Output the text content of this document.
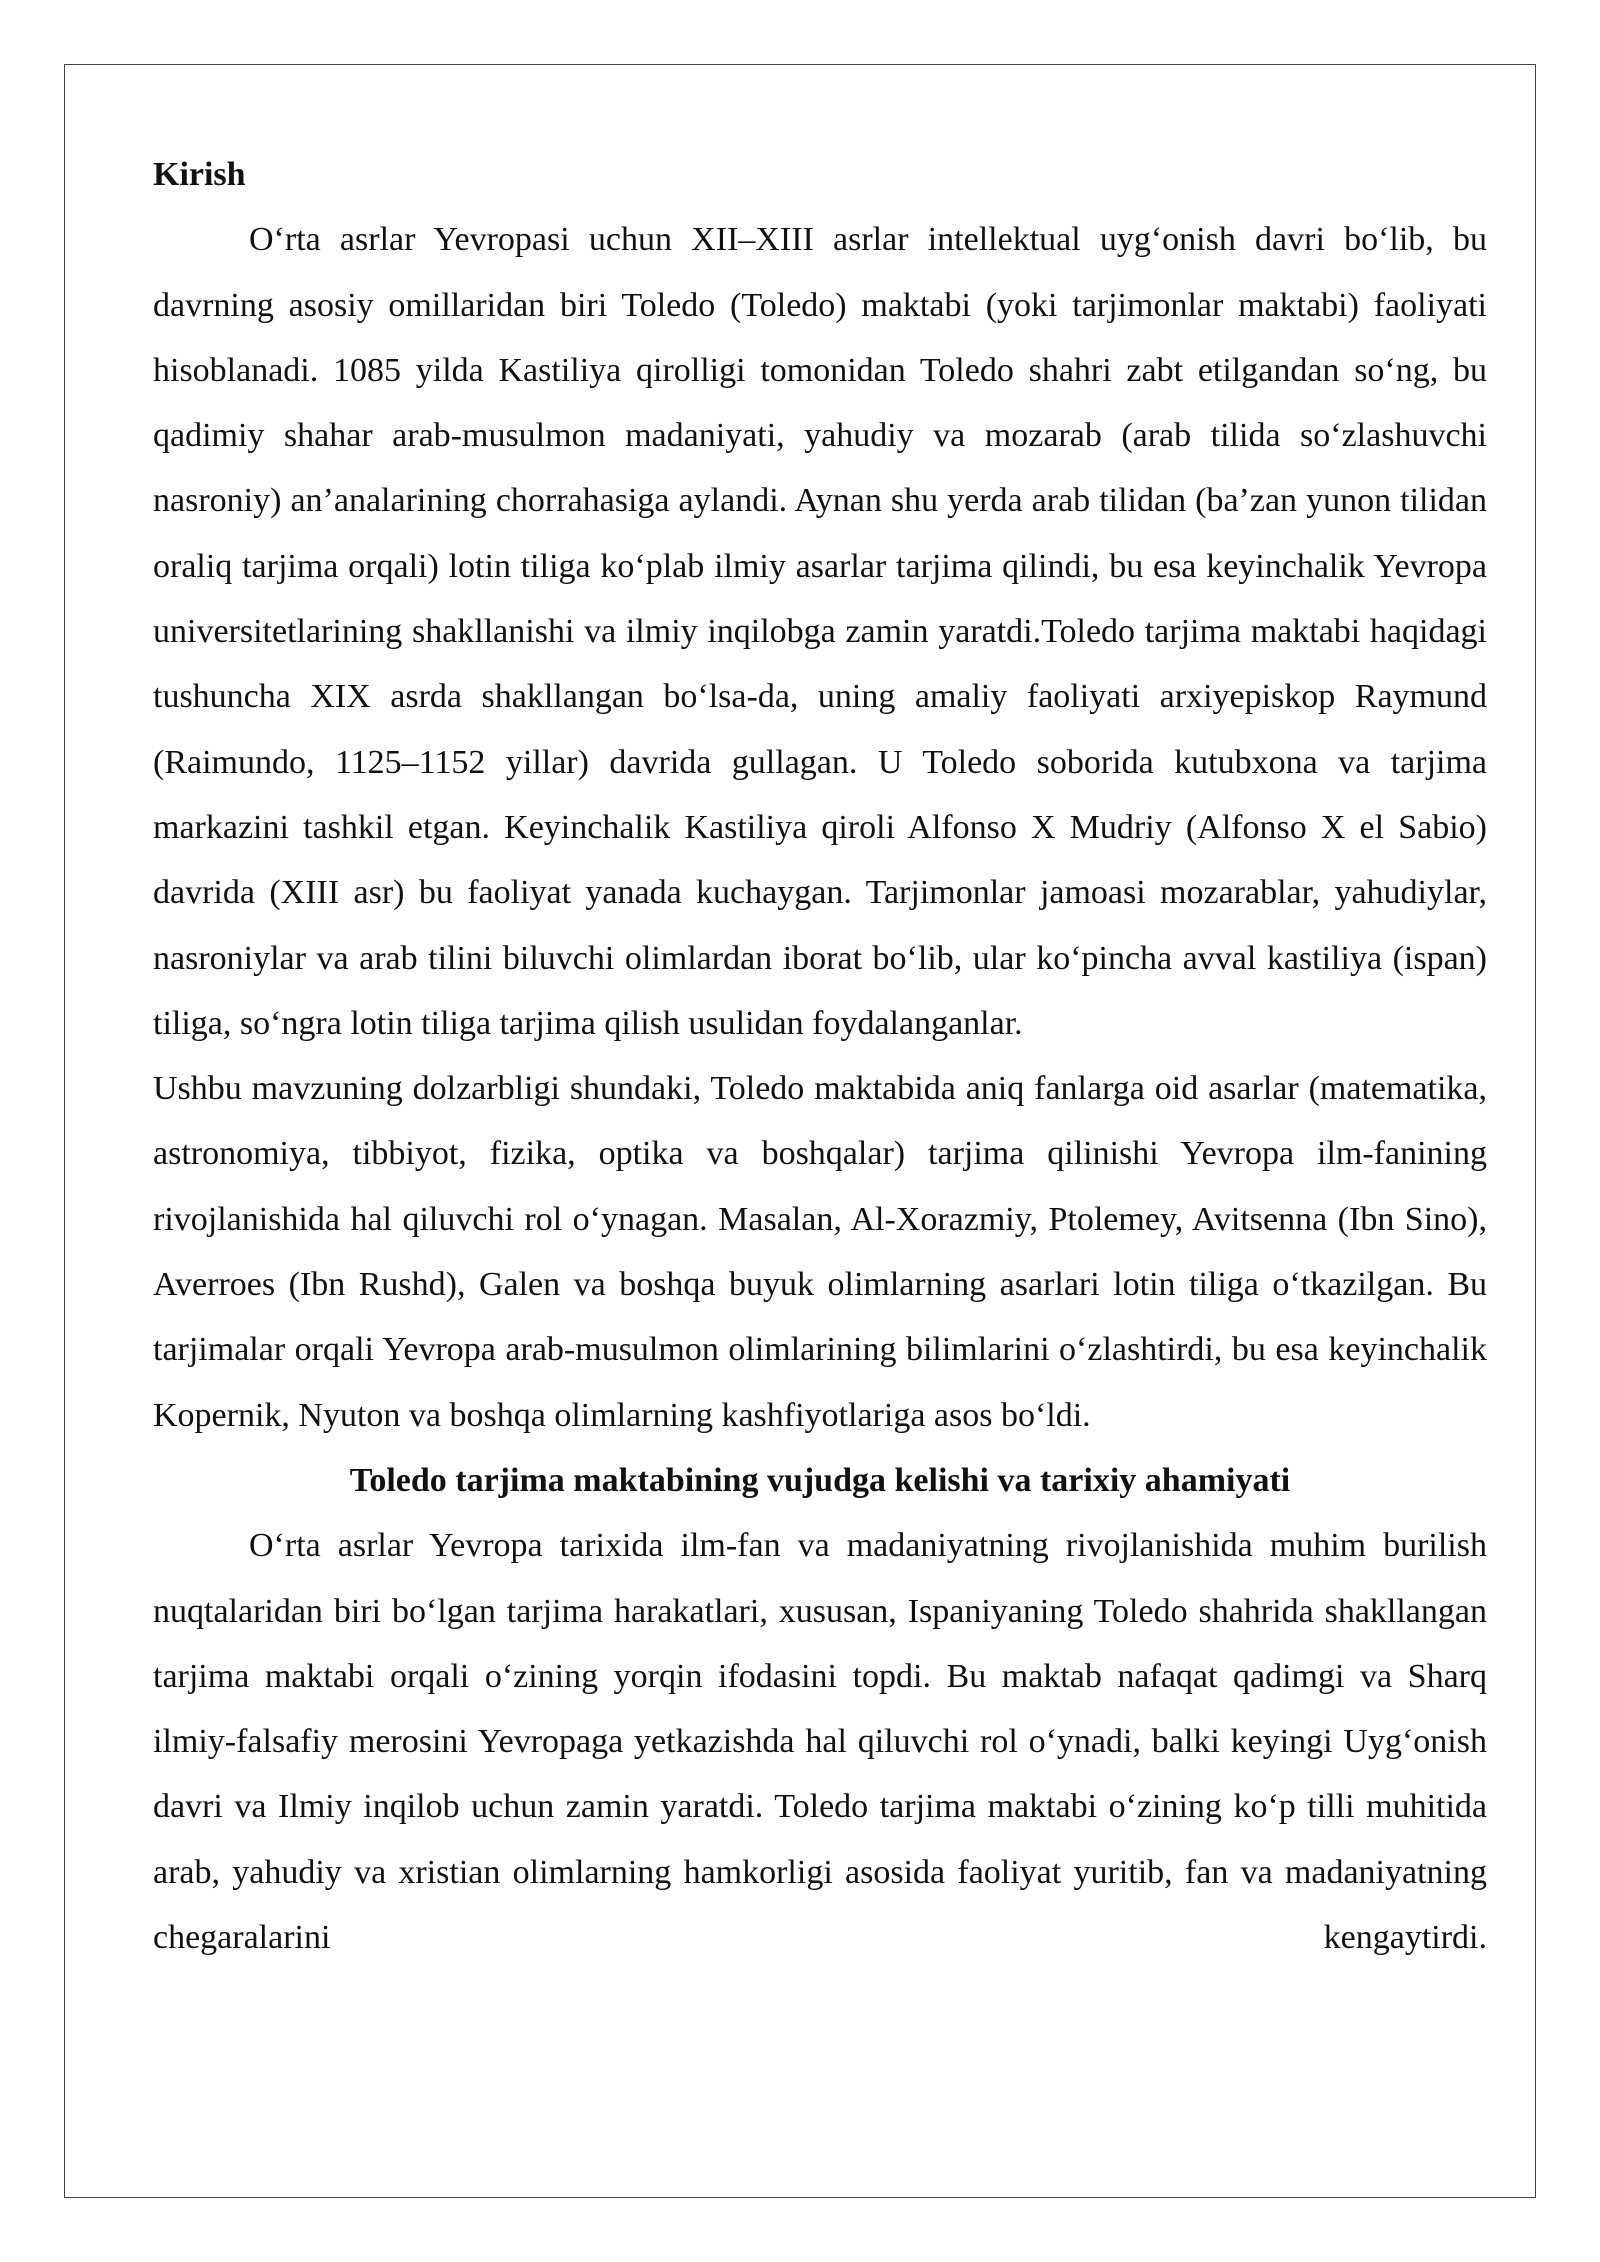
Kirish

O‘rta asrlar Yevropasi uchun XII–XIII asrlar intellektual uyg‘onish davri bo‘lib, bu davrning asosiy omillaridan biri Toledo (Toledo) maktabi (yoki tarjimonlar maktabi) faoliyati hisoblanadi. 1085 yilda Kastiliya qirolligi tomonidan Toledo shahri zabt etilgandan so‘ng, bu qadimiy shahar arab-musulmon madaniyati, yahudiy va mozarab (arab tilida so‘zlashuvchi nasroniy) an’analarining chorrahasiga aylandi. Aynan shu yerda arab tilidan (ba’zan yunon tilidan oraliq tarjima orqali) lotin tiliga ko‘plab ilmiy asarlar tarjima qilindi, bu esa keyinchalik Yevropa universitetlarining shakllanishi va ilmiy inqilobga zamin yaratdi.Toledo tarjima maktabi haqidagi tushuncha XIX asrda shakllangan bo‘lsa-da, uning amaliy faoliyati arxiyepiskop Raymund (Raimundo, 1125–1152 yillar) davrida gullagan. U Toledo soborida kutubxona va tarjima markazini tashkil etgan. Keyinchalik Kastiliya qiroli Alfonso X Mudriy (Alfonso X el Sabio) davrida (XIII asr) bu faoliyat yanada kuchaygan. Tarjimonlar jamoasi mozarablar, yahudiylar, nasroniylar va arab tilini biluvchi olimlardan iborat bo‘lib, ular ko‘pincha avval kastiliya (ispan) tiliga, so‘ngra lotin tiliga tarjima qilish usulidan foydalanganlar.

Ushbu mavzuning dolzarbligi shundaki, Toledo maktabida aniq fanlarga oid asarlar (matematika, astronomiya, tibbiyot, fizika, optika va boshqalar) tarjima qilinishi Yevropa ilm-fanining rivojlanishida hal qiluvchi rol o‘ynagan. Masalan, Al-Xorazmiy, Ptolemey, Avitsenna (Ibn Sino), Averroes (Ibn Rushd), Galen va boshqa buyuk olimlarning asarlari lotin tiliga o‘tkazilgan. Bu tarjimalar orqali Yevropa arab-musulmon olimlarining bilimlarini o‘zlashtirdi, bu esa keyinchalik Kopernik, Nyuton va boshqa olimlarning kashfiyotlariga asos bo‘ldi.

Toledo tarjima maktabining vujudga kelishi va tarixiy ahamiyati

O‘rta asrlar Yevropa tarixida ilm-fan va madaniyatning rivojlanishida muhim burilish nuqtalaridan biri bo‘lgan tarjima harakatlari, xususan, Ispaniyaning Toledo shahrida shakllangan tarjima maktabi orqali o‘zining yorqin ifodasini topdi. Bu maktab nafaqat qadimgi va Sharq ilmiy-falsafiy merosini Yevropaga yetkazishda hal qiluvchi rol o‘ynadi, balki keyingi Uyg‘onish davri va Ilmiy inqilob uchun zamin yaratdi. Toledo tarjima maktabi o‘zining ko‘p tilli muhitida arab, yahudiy va xristian olimlarning hamkorligi asosida faoliyat yuritib, fan va madaniyatning chegaralarini kengaytirdi.
